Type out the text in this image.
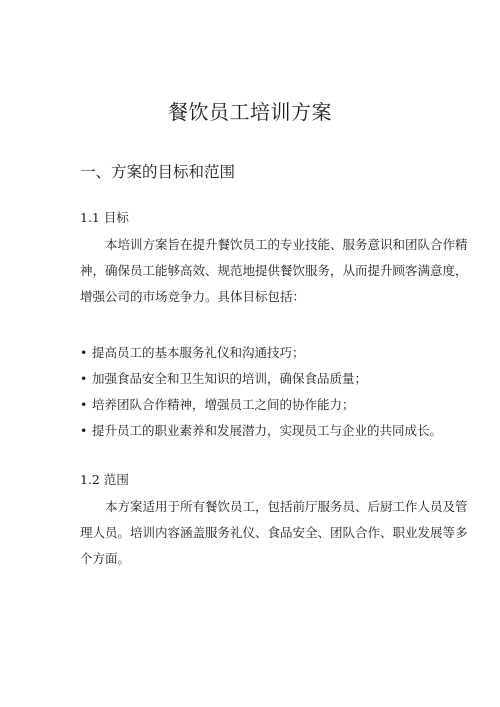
餐饮员工培训方案
一、方案的目标和范围
1.1 目标

　　本培训方案旨在提升餐饮员工的专业技能、服务意识和团队合作精
神，确保员工能够高效、规范地提供餐饮服务，从而提升顾客满意度，
增强公司的市场竞争力。具体目标包括：

• 提高员工的基本服务礼仪和沟通技巧；
• 加强食品安全和卫生知识的培训，确保食品质量；
• 培养团队合作精神，增强员工之间的协作能力；
• 提升员工的职业素养和发展潜力，实现员工与企业的共同成长。
1.2 范围

　　本方案适用于所有餐饮员工，包括前厅服务员、后厨工作人员及管
理人员。培训内容涵盖服务礼仪、食品安全、团队合作、职业发展等多
个方面。
